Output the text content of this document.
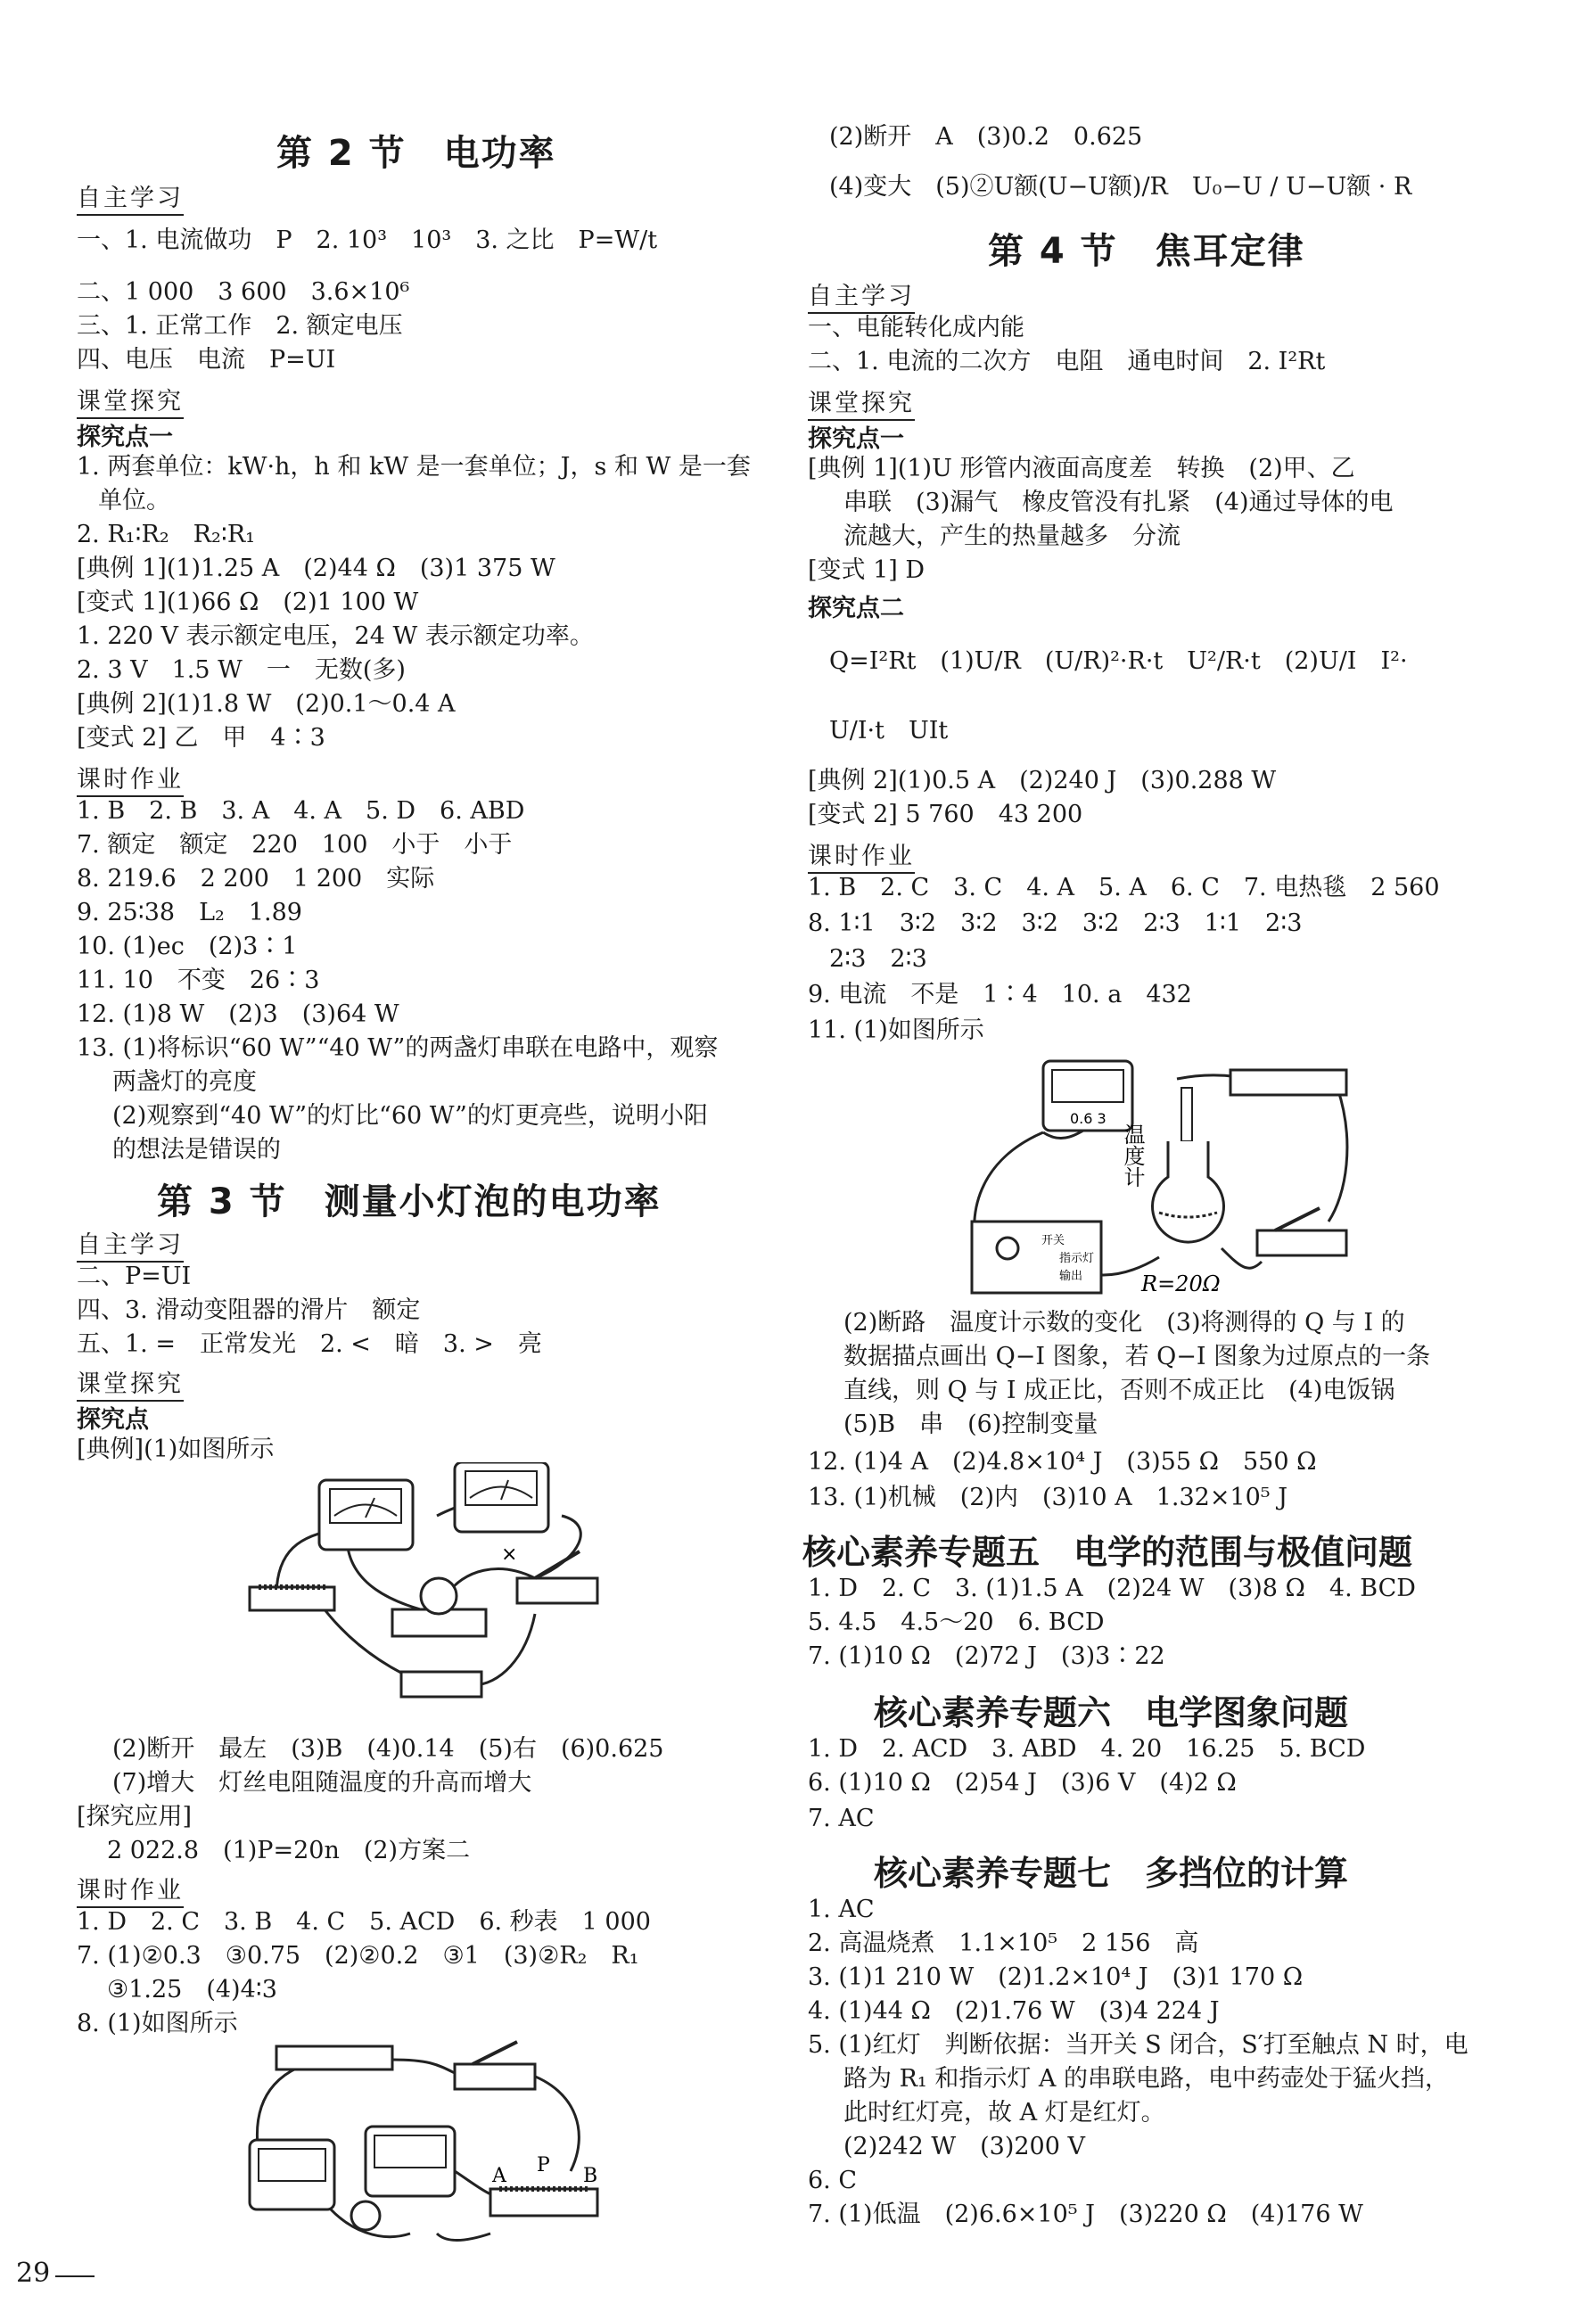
第 2 节　电功率
自主学习
一、1. 电流做功　P　2. 10³　10³　3. 之比　P=W/t
二、1 000　3 600　3.6×10⁶
三、1. 正常工作　2. 额定电压
四、电压　电流　P=UI
课堂探究
探究点一
1. 两套单位：kW·h，h 和 kW 是一套单位；J，s 和 W 是一套
单位。
2. R₁∶R₂　R₂∶R₁
[典例 1](1)1.25 A　(2)44 Ω　(3)1 375 W
[变式 1](1)66 Ω　(2)1 100 W
1. 220 V 表示额定电压，24 W 表示额定功率。
2. 3 V　1.5 W　一　无数(多)
[典例 2](1)1.8 W　(2)0.1～0.4 A
[变式 2] 乙　甲　4∶3
课时作业
1. B　2. B　3. A　4. A　5. D　6. ABD
7. 额定　额定　220　100　小于　小于
8. 219.6　2 200　1 200　实际
9. 25∶38　L₂　1.89
10. (1)ec　(2)3∶1
11. 10　不变　26∶3
12. (1)8 W　(2)3　(3)64 W
13. (1)将标识“60 W”“40 W”的两盏灯串联在电路中，观察
两盏灯的亮度
(2)观察到“40 W”的灯比“60 W”的灯更亮些，说明小阳
的想法是错误的
第 3 节　测量小灯泡的电功率
自主学习
二、P=UI
四、3. 滑动变阻器的滑片　额定
五、1. =　正常发光　2. <　暗　3. >　亮
课堂探究
探究点
[典例](1)如图所示
(2)断开　最左　(3)B　(4)0.14　(5)右　(6)0.625
(7)增大　灯丝电阻随温度的升高而增大
[探究应用]
2 022.8　(1)P=20n　(2)方案二
课时作业
1. D　2. C　3. B　4. C　5. ACD　6. 秒表　1 000
7. (1)②0.3　③0.75　(2)②0.2　③1　(3)②R₂　R₁
③1.25　(4)4∶3
8. (1)如图所示
(2)断开　A　(3)0.2　0.625
(4)变大　(5)②U额(U−U额)/R　U₀−U / U−U额 · R
第 4 节　焦耳定律
自主学习
一、电能转化成内能
二、1. 电流的二次方　电阻　通电时间　2. I²Rt
课堂探究
探究点一
[典例 1](1)U 形管内液面高度差　转换　(2)甲、乙
串联　(3)漏气　橡皮管没有扎紧　(4)通过导体的电
流越大，产生的热量越多　分流
[变式 1] D
探究点二
Q=I²Rt　(1)U/R　(U/R)²·R·t　U²/R·t　(2)U/I　I²·
U/I·t　UIt
[典例 2](1)0.5 A　(2)240 J　(3)0.288 W
[变式 2] 5 760　43 200
课时作业
1. B　2. C　3. C　4. A　5. A　6. C　7. 电热毯　2 560
8. 1∶1　3∶2　3∶2　3∶2　3∶2　2∶3　1∶1　2∶3
2∶3　2∶3
9. 电流　不是　1∶4　10. a　432
11. (1)如图所示
(2)断路　温度计示数的变化　(3)将测得的 Q 与 I 的
数据描点画出 Q−I 图象，若 Q−I 图象为过原点的一条
直线，则 Q 与 I 成正比，否则不成正比　(4)电饭锅
(5)B　串　(6)控制变量
12. (1)4 A　(2)4.8×10⁴ J　(3)55 Ω　550 Ω
13. (1)机械　(2)内　(3)10 A　1.32×10⁵ J
核心素养专题五　电学的范围与极值问题
1. D　2. C　3. (1)1.5 A　(2)24 W　(3)8 Ω　4. BCD
5. 4.5　4.5～20　6. BCD
7. (1)10 Ω　(2)72 J　(3)3∶22
核心素养专题六　电学图象问题
1. D　2. ACD　3. ABD　4. 20　16.25　5. BCD
6. (1)10 Ω　(2)54 J　(3)6 V　(4)2 Ω
7. AC
核心素养专题七　多挡位的计算
1. AC
2. 高温烧煮　1.1×10⁵　2 156　高
3. (1)1 210 W　(2)1.2×10⁴ J　(3)1 170 Ω
4. (1)44 Ω　(2)1.76 W　(3)4 224 J
5. (1)红灯　判断依据：当开关 S 闭合，S′打至触点 N 时，电
路为 R₁ 和指示灯 A 的串联电路，电中药壶处于猛火挡，
此时红灯亮，故 A 灯是红灯。
(2)242 W　(3)200 V
6. C
7. (1)低温　(2)6.6×10⁵ J　(3)220 Ω　(4)176 W
×
A P B
0.6 3
开关
指示灯
输出
温度计
R=20Ω
29
